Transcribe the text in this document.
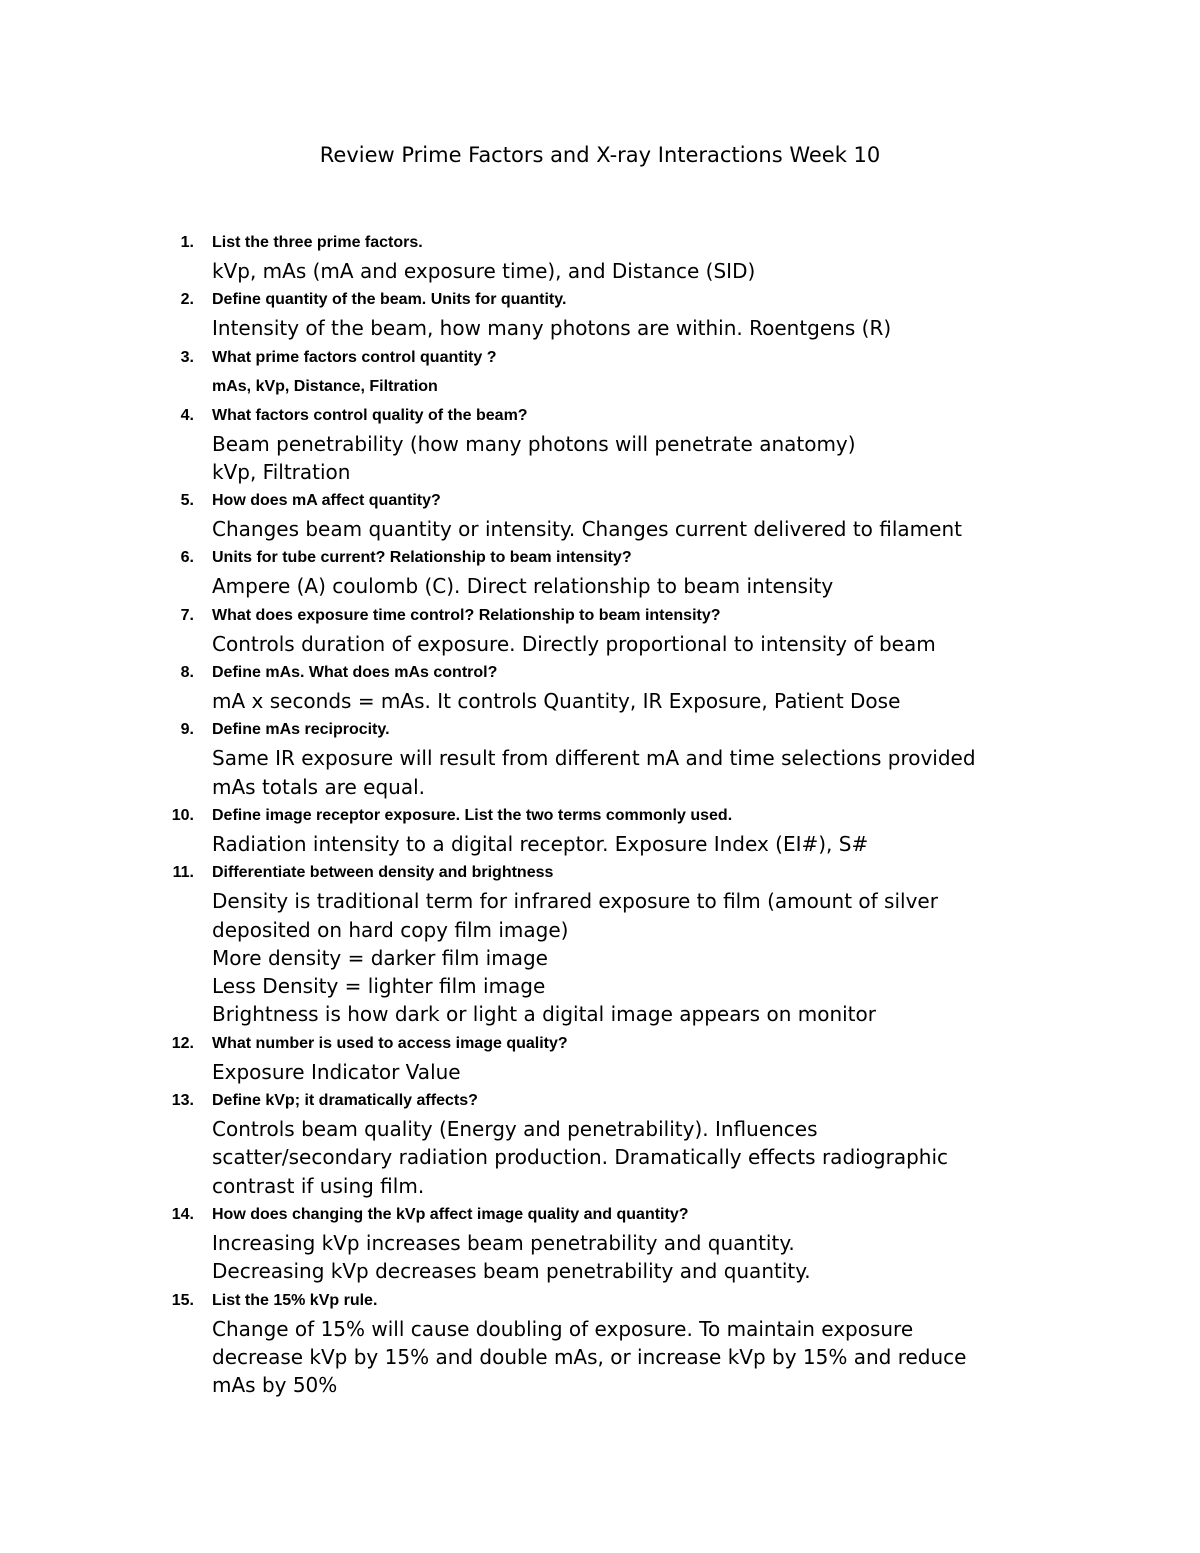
Review Prime Factors and X-ray Interactions Week 10
1. List the three prime factors.
kVp, mAs (mA and exposure time), and Distance (SID)
2. Define quantity of the beam. Units for quantity.
Intensity of the beam, how many photons are within. Roentgens (R)
3. What prime factors control quantity ?
mAs, kVp, Distance, Filtration
4. What factors control quality of the beam?
Beam penetrability (how many photons will penetrate anatomy)
kVp, Filtration
5. How does mA affect quantity?
Changes beam quantity or intensity. Changes current delivered to filament
6. Units for tube current? Relationship to beam intensity?
Ampere (A) coulomb (C). Direct relationship to beam intensity
7. What does exposure time control? Relationship to beam intensity?
Controls duration of exposure. Directly proportional to intensity of beam
8. Define mAs. What does mAs control?
mA x seconds = mAs. It controls Quantity, IR Exposure, Patient Dose
9. Define mAs reciprocity.
Same IR exposure will result from different mA and time selections provided
mAs totals are equal.
10. Define image receptor exposure. List the two terms commonly used.
Radiation intensity to a digital receptor. Exposure Index (EI#), S#
11. Differentiate between density and brightness
Density is traditional term for infrared exposure to film (amount of silver
deposited on hard copy film image)
More density = darker film image
Less Density = lighter film image
Brightness is how dark or light a digital image appears on monitor
12. What number is used to access image quality?
Exposure Indicator Value
13. Define kVp; it dramatically affects?
Controls beam quality (Energy and penetrability). Influences
scatter/secondary radiation production. Dramatically effects radiographic
contrast if using film.
14. How does changing the kVp affect image quality and quantity?
Increasing kVp increases beam penetrability and quantity.
Decreasing kVp decreases beam penetrability and quantity.
15. List the 15% kVp rule.
Change of 15% will cause doubling of exposure. To maintain exposure
decrease kVp by 15% and double mAs, or increase kVp by 15% and reduce
mAs by 50%
